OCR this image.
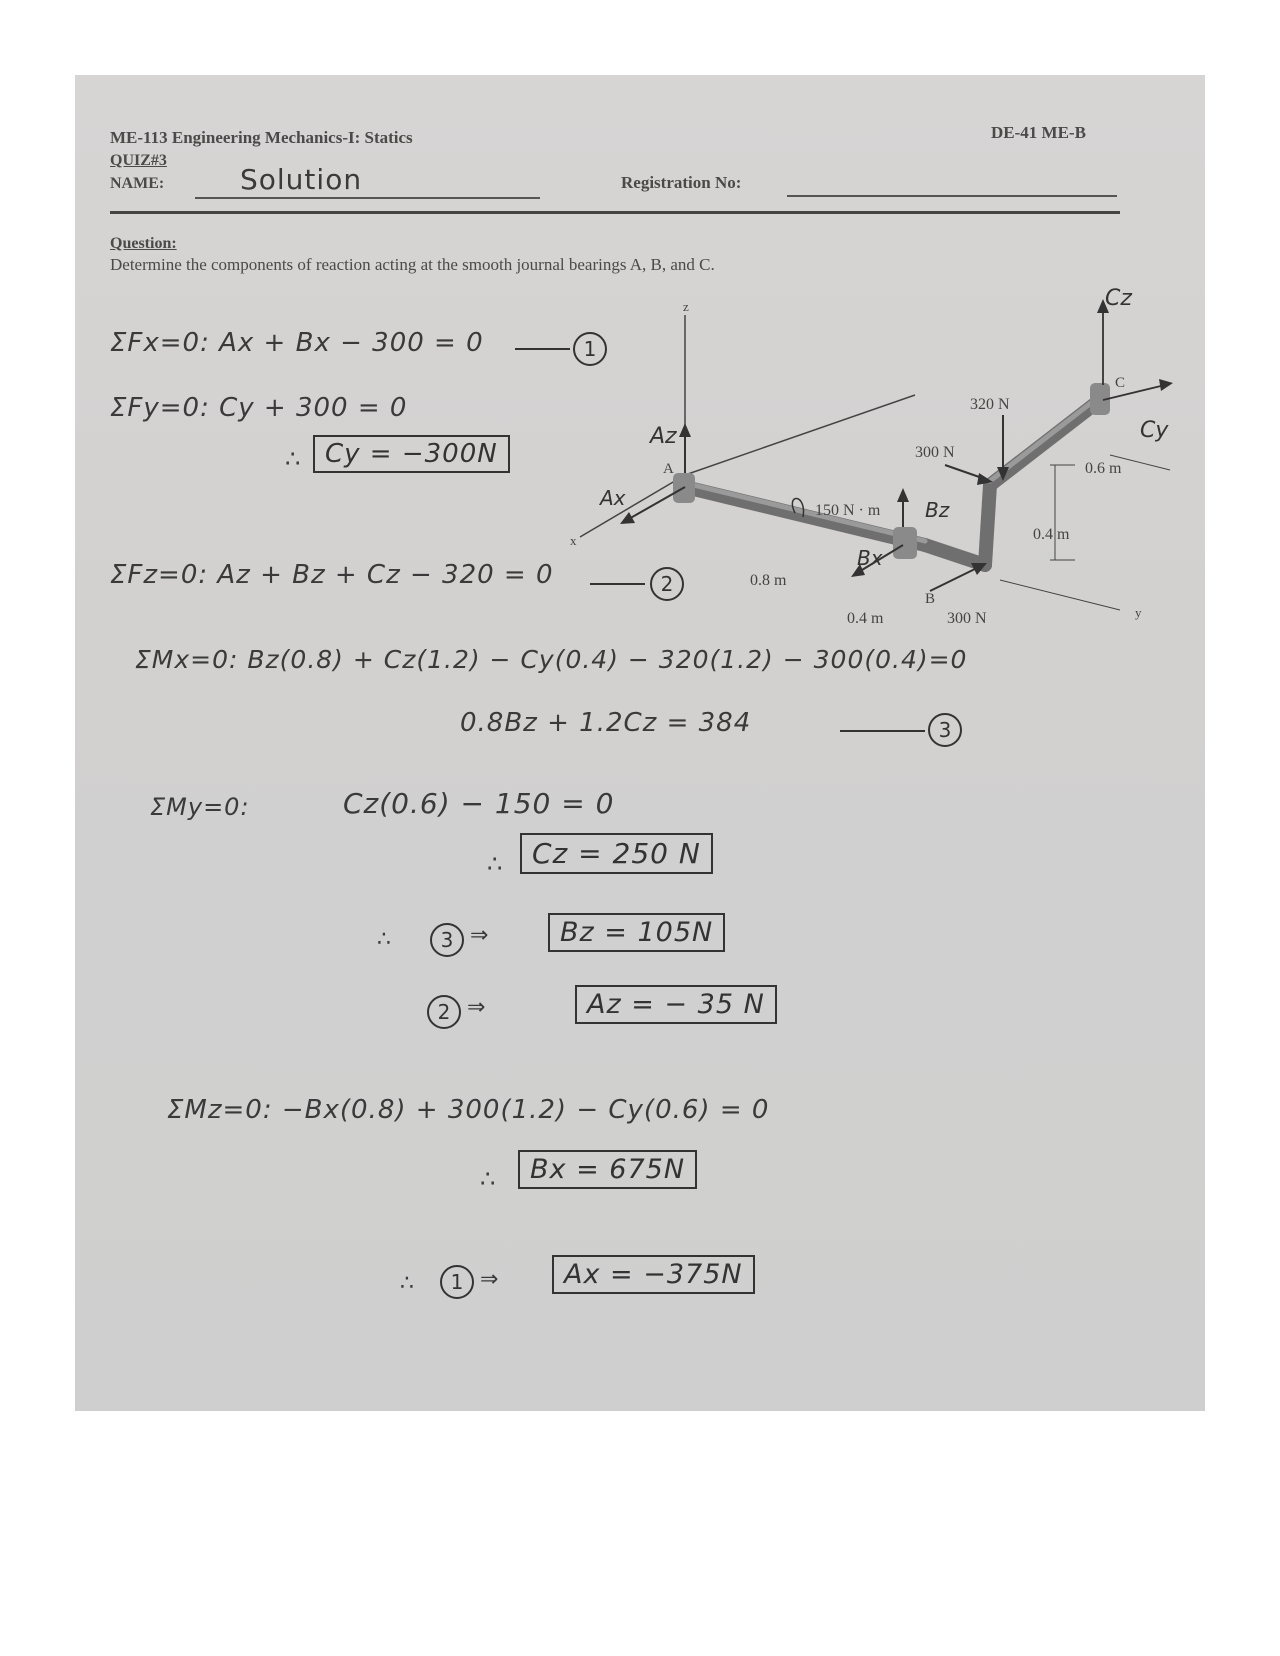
ME-113 Engineering Mechanics-I: Statics
QUIZ#3
DE-41 ME-B
NAME:	Solution	Registration No:
Question:
Determine the components of reaction acting at the smooth journal bearings A, B, and C.
z
x
y
A
B
C
320 N
300 N
300 N
150 N · m
0.8 m
0.4 m
0.6 m
0.4 m
Az
Ax	Bz
Bx
Cz
Cy
ΣFx=0: Ax + Bx − 300 = 0	1
ΣFy=0: Cy + 300 = 0
∴ Cy = −300N
ΣFz=0: Az + Bz + Cz − 320 = 0	2
ΣMx=0: Bz(0.8) + Cz(1.2) − Cy(0.4) − 320(1.2) − 300(0.4)=0
0.8Bz + 1.2Cz = 384	3
ΣMy=0:	Cz(0.6) − 150 = 0
∴	Cz = 250 N
∴	3 ⇒	Bz = 105N
2 ⇒	Az = − 35 N
ΣMz=0: −Bx(0.8) + 300(1.2) − Cy(0.6) = 0
∴	Bx = 675N
∴	1 ⇒	Ax = −375N
